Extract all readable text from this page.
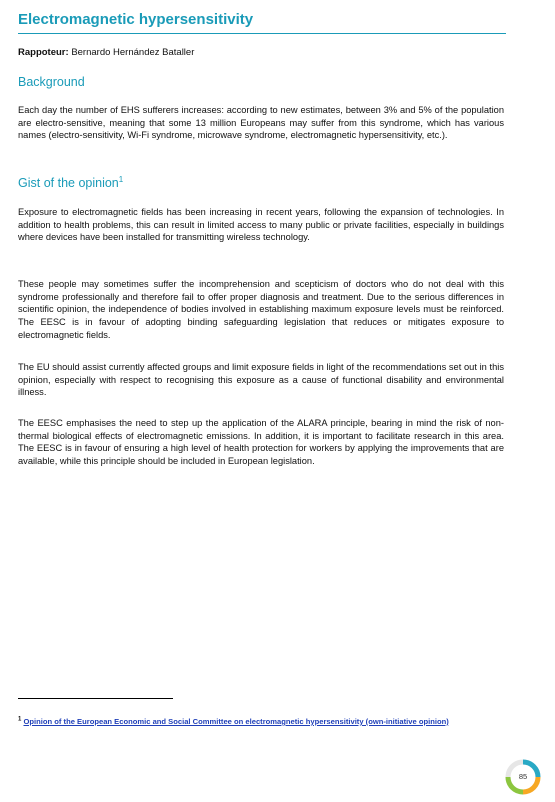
Electromagnetic hypersensitivity
Rappoteur: Bernardo Hernández Bataller
Background

Each day the number of EHS sufferers increases: according to new estimates, between 3% and 5% of the population are electro-sensitive, meaning that some 13 million Europeans may suffer from this syndrome, which has various names (electro-sensitivity, Wi-Fi syndrome, microwave syndrome, electromagnetic hypersensitivity, etc.).

Gist of the opinion$^1$

Exposure to electromagnetic fields has been increasing in recent years, following the expansion of technologies. In addition to health problems, this can result in limited access to many public or private facilities, especially in buildings where devices have been installed for transmitting wireless technology.

These people may sometimes suffer the incomprehension and scepticism of doctors who do not deal with this syndrome professionally and therefore fail to offer proper diagnosis and treatment. Due to the serious differences in scientific opinion, the independence of bodies involved in establishing maximum exposure levels must be reinforced. The EESC is in favour of adopting binding safeguarding legislation that reduces or mitigates exposure to electromagnetic fields.

The EU should assist currently affected groups and limit exposure fields in light of the recommendations set out in this opinion, especially with respect to recognising this exposure as a cause of functional disability and environmental illness.

The EESC emphasises the need to step up the application of the ALARA principle, bearing in mind the risk of non-thermal biological effects of electromagnetic emissions. In addition, it is important to facilitate research in this area. The EESC is in favour of ensuring a high level of health protection for workers by applying the improvements that are available, while this principle should be included in European legislation.

$^1$ Opinion of the European Economic and Social Committee on electromagnetic hypersensitivity (own-initiative opinion)
85
